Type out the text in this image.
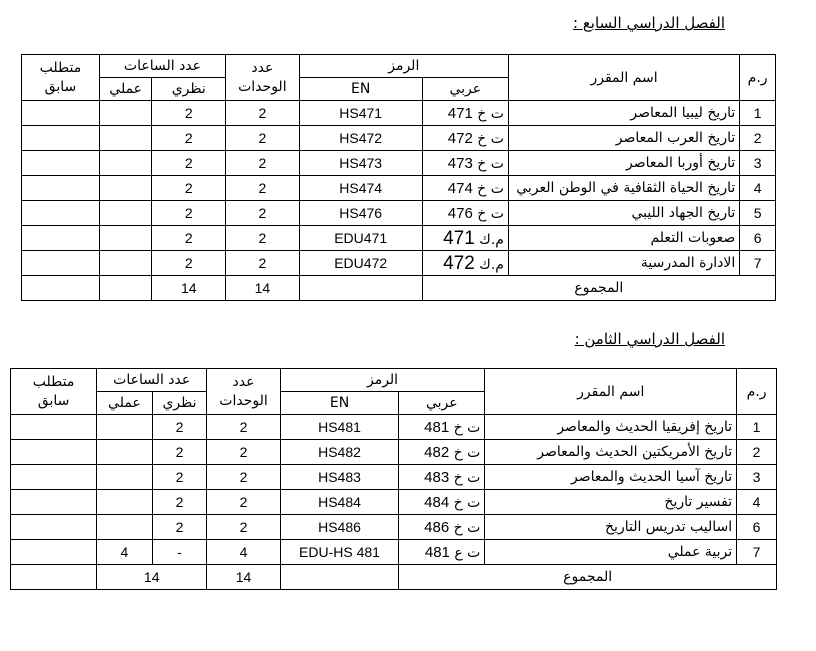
الفصل الدراسي السابع :
ر.م	اسم المقرر	الرمز		عدد الوحدات	عدد الساعات		متطلب سابق
		عربي	EN		نظري	عملي	
1	تاريخ ليبيا المعاصر	ت خ 471	HS471	2	2		
2	تاريخ العرب المعاصر	ت خ 472	HS472	2	2		
3	تاريخ أوربا المعاصر	ت خ 473	HS473	2	2		
4	تاريخ الحياة الثقافية في الوطن العربي	ت خ 474	HS474	2	2		
5	تاريخ الجهاد الليبي	ت خ 476	HS476	2	2		
6	صعوبات التعلم	م.ك 471	EDU471	2	2		
7	الادارة المدرسية	م.ك 472	EDU472	2	2		
المجموع				14	14		
الفصل الدراسي الثامن :
ر.م	اسم المقرر	الرمز		عدد الوحدات	عدد الساعات		متطلب سابق
		عربي	EN		نظري	عملي	
1	تاريخ إفريقيا الحديث والمعاصر	ت خ 481	HS481	2	2		
2	تاريخ الأمريكتين الحديث والمعاصر	ت خ 482	HS482	2	2		
3	تاريخ آسيا الحديث والمعاصر	ت خ 483	HS483	2	2		
4	تفسير تاريخ	ت خ 484	HS484	2	2		
6	اساليب تدريس التاريخ	ت خ 486	HS486	2	2		
7	تربية عملي	ت ع 481	EDU-HS 481	4	-	4	
المجموع				14	14		
